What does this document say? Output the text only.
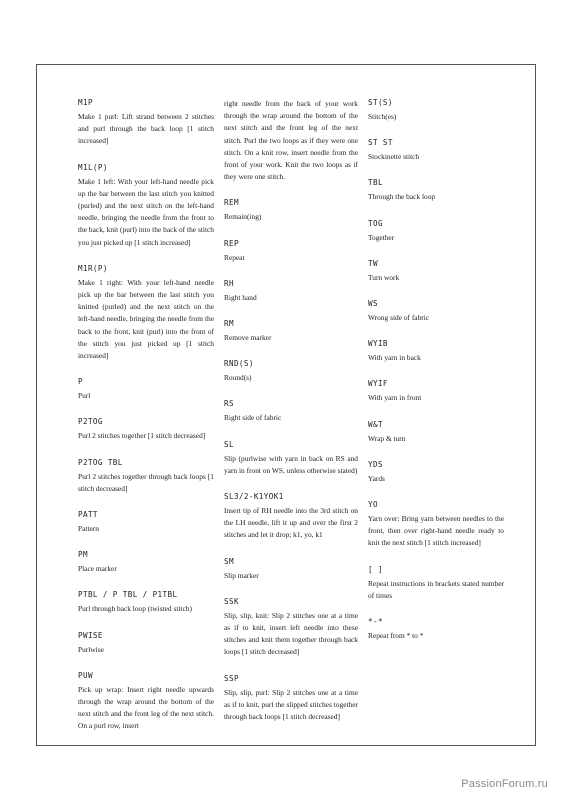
M1P
Make 1 purl: Lift strand between 2 stitches and purl through the back loop [1 stitch increased]
M1L(P)
Make 1 left: With your left-hand needle pick up the bar between the last stitch you knitted (purled) and the next stitch on the left-hand needle, bringing the needle from the front to the back, knit (purl) into the back of the stitch you just picked up [1 stitch increased]
M1R(P)
Make 1 right: With your left-hand needle pick up the bar between the last stitch you knitted (purled) and the next stitch on the left-hand needle, bringing the needle from the back to the front, knit (purl) into the front of the stitch you just picked up [1 stitch increased]
P
Purl
P2TOG
Purl 2 stitches together [1 stitch decreased]
P2TOG TBL
Purl 2 stitches together through back loops [1 stitch decreased]
PATT
Pattern
PM
Place marker
PTBL / P TBL / P1TBL
Purl through back loop (twisted stitch)
PWISE
Purlwise
PUW
Pick up wrap: Insert right needle upwards through the wrap around the bottom of the next stitch and the front leg of the next stitch. On a purl row, insert
right needle from the back of your work through the wrap around the bottom of the next stitch and the front leg of the next stitch. Purl the two loops as if they were one stitch. On a knit row, insert needle from the front of your work. Knit the two loops as if they were one stitch.
REM
Remain(ing)
REP
Repeat
RH
Right hand
RM
Remove marker
RND(S)
Round(s)
RS
Right side of fabric
SL
Slip (purlwise with yarn in back on RS and yarn in front on WS, unless otherwise stated)
SL3/2-K1YOK1
Insert tip of RH needle into the 3rd stitch on the LH needle, lift it up and over the first 2 stitches and let it drop; k1, yo, k1
SM
Slip marker
SSK
Slip, slip, knit: Slip 2 stitches one at a time as if to knit, insert left needle into these stitches and knit them together through back loops [1 stitch decreased]
SSP
Slip, slip, purl: Slip 2 stitches one at a time as if to knit, purl the slipped stitches together through back loops [1 stitch decreased]
ST(S)
Stitch(es)
ST ST
Stockinette stitch
TBL
Through the back loop
TOG
Together
TW
Turn work
WS
Wrong side of fabric
WYIB
With yarn in back
WYIF
With yarn in front
W&T
Wrap & turn
YDS
Yards
YO
Yarn over: Bring yarn between needles to the front, then over right-hand needle ready to knit the next stitch [1 stitch increased]
[ ]
Repeat instructions in brackets stated number of times
*-*
Repeat from * to *
PassionForum.ru
